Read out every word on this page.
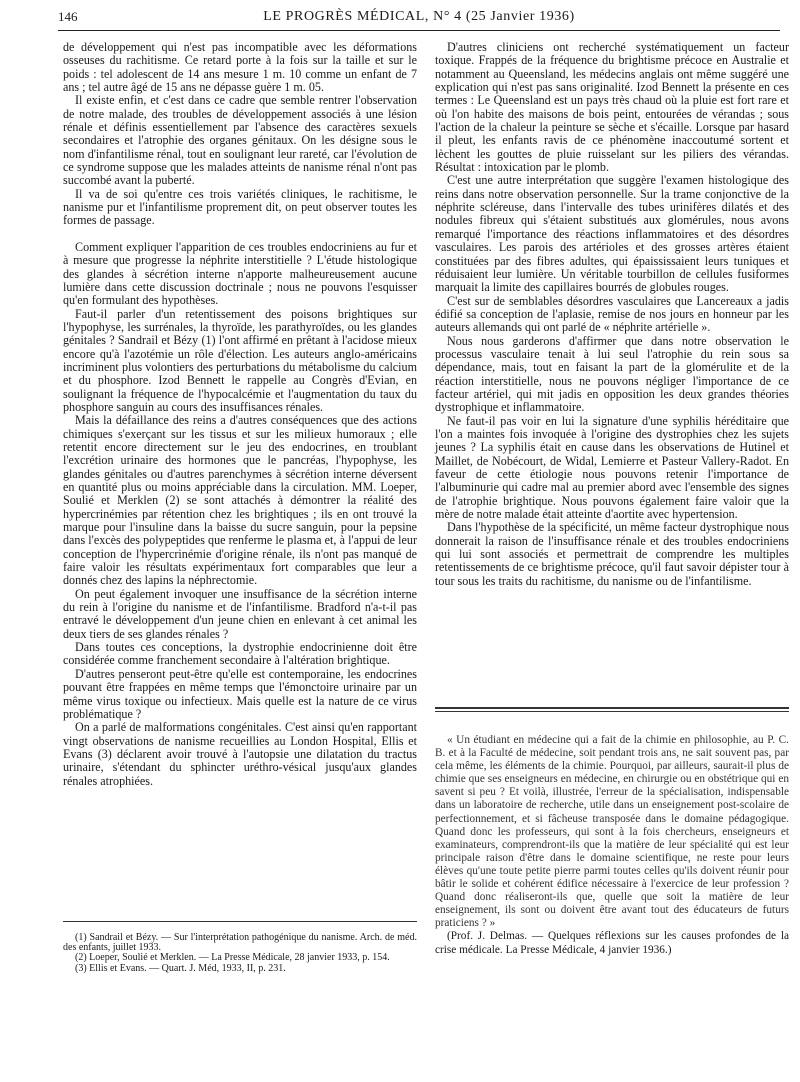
146	LE PROGRÈS MÉDICAL, N° 4 (25 Janvier 1936)

de développement qui n'est pas incompatible avec les déformations osseuses du rachitisme. Ce retard porte à la fois sur la taille et sur le poids : tel adolescent de 14 ans mesure 1 m. 10 comme un enfant de 7 ans ; tel autre âgé de 15 ans ne dépasse guère 1 m. 05.

Il existe enfin, et c'est dans ce cadre que semble rentrer l'observation de notre malade, des troubles de développement associés à une lésion rénale et définis essentiellement par l'absence des caractères sexuels secondaires et l'atrophie des organes génitaux. On les désigne sous le nom d'infantilisme rénal, tout en soulignant leur rareté, car l'évolution de ce syndrome suppose que les malades atteints de nanisme rénal n'ont pas succombé avant la puberté.

Il va de soi qu'entre ces trois variétés cliniques, le rachitisme, le nanisme pur et l'infantilisme proprement dit, on peut observer toutes les formes de passage.

Comment expliquer l'apparition de ces troubles endocriniens au fur et à mesure que progresse la néphrite interstitielle ? L'étude histologique des glandes à sécrétion interne n'apporte malheureusement aucune lumière dans cette discussion doctrinale ; nous ne pouvons l'esquisser qu'en formulant des hypothèses.

Faut-il parler d'un retentissement des poisons brightiques sur l'hypophyse, les surrénales, la thyroïde, les parathyroïdes, ou les glandes génitales ? Sandrail et Bézy (1) l'ont affirmé en prêtant à l'acidose mieux encore qu'à l'azotémie un rôle d'élection. Les auteurs anglo-américains incriminent plus volontiers des perturbations du métabolisme du calcium et du phosphore. Izod Bennett le rappelle au Congrès d'Evian, en soulignant la fréquence de l'hypocalcémie et l'augmentation du taux du phosphore sanguin au cours des insuffisances rénales.

Mais la défaillance des reins a d'autres conséquences que des actions chimiques s'exerçant sur les tissus et sur les milieux humoraux ; elle retentit encore directement sur le jeu des endocrines, en troublant l'excrétion urinaire des hormones que le pancréas, l'hypophyse, les glandes génitales ou d'autres parenchymes à sécrétion interne déversent en quantité plus ou moins appréciable dans la circulation. MM. Loeper, Soulié et Merklen (2) se sont attachés à démontrer la réalité des hypercrinémies par rétention chez les brightiques ; ils en ont trouvé la marque pour l'insuline dans la baisse du sucre sanguin, pour la pepsine dans l'excès des polypeptides que renferme le plasma et, à l'appui de leur conception de l'hypercrinémie d'origine rénale, ils n'ont pas manqué de faire valoir les résultats expérimentaux fort comparables que leur a donnés chez des lapins la néphrectomie.

On peut également invoquer une insuffisance de la sécrétion interne du rein à l'origine du nanisme et de l'infantilisme. Bradford n'a-t-il pas entravé le développement d'un jeune chien en enlevant à cet animal les deux tiers de ses glandes rénales ?

Dans toutes ces conceptions, la dystrophie endocrinienne doit être considérée comme franchement secondaire à l'altération brightique.

D'autres penseront peut-être qu'elle est contemporaine, les endocrines pouvant être frappées en même temps que l'émonctoire urinaire par un même virus toxique ou infectieux. Mais quelle est la nature de ce virus problématique ?

On a parlé de malformations congénitales. C'est ainsi qu'en rapportant vingt observations de nanisme recueillies au London Hospital, Ellis et Evans (3) déclarent avoir trouvé à l'autopsie une dilatation du tractus urinaire, s'étendant du sphincter uréthro-vésical jusqu'aux glandes rénales atrophiées.

(1) Sandrail et Bézy. — Sur l'interprétation pathogénique du nanisme. Arch. de méd. des enfants, juillet 1933.

(2) Loeper, Soulié et Merklen. — La Presse Médicale, 28 janvier 1933, p. 154.

(3) Ellis et Evans. — Quart. J. Méd, 1933, II, p. 231.

D'autres cliniciens ont recherché systématiquement un facteur toxique. Frappés de la fréquence du brightisme précoce en Australie et notamment au Queensland, les médecins anglais ont même suggéré une explication qui n'est pas sans originalité. Izod Bennett la présente en ces termes : Le Queensland est un pays très chaud où la pluie est fort rare et où l'on habite des maisons de bois peint, entourées de vérandas ; sous l'action de la chaleur la peinture se sèche et s'écaille. Lorsque par hasard il pleut, les enfants ravis de ce phénomène inaccoutumé sortent et lèchent les gouttes de pluie ruisselant sur les piliers des vérandas. Résultat : intoxication par le plomb.

C'est une autre interprétation que suggère l'examen histologique des reins dans notre observation personnelle. Sur la trame conjonctive de la néphrite scléreuse, dans l'intervalle des tubes urinifères dilatés et des nodules fibreux qui s'étaient substitués aux glomérules, nous avons remarqué l'importance des réactions inflammatoires et des désordres vasculaires. Les parois des artérioles et des grosses artères étaient constituées par des fibres adultes, qui épaississaient leurs tuniques et réduisaient leur lumière. Un véritable tourbillon de cellules fusiformes marquait la limite des capillaires bourrés de globules rouges.

C'est sur de semblables désordres vasculaires que Lancereaux a jadis édifié sa conception de l'aplasie, remise de nos jours en honneur par les auteurs allemands qui ont parlé de « néphrite artérielle ».

Nous nous garderons d'affirmer que dans notre observation le processus vasculaire tenait à lui seul l'atrophie du rein sous sa dépendance, mais, tout en faisant la part de la glomérulite et de la réaction interstitielle, nous ne pouvons négliger l'importance de ce facteur artériel, qui mit jadis en opposition les deux grandes théories dystrophique et inflammatoire.

Ne faut-il pas voir en lui la signature d'une syphilis héréditaire que l'on a maintes fois invoquée à l'origine des dystrophies chez les sujets jeunes ? La syphilis était en cause dans les observations de Hutinel et Maillet, de Nobécourt, de Widal, Lemierre et Pasteur Vallery-Radot. En faveur de cette étiologie nous pouvons retenir l'importance de l'albuminurie qui cadre mal au premier abord avec l'ensemble des signes de l'atrophie brightique. Nous pouvons également faire valoir que la mère de notre malade était atteinte d'aortite avec hypertension.

Dans l'hypothèse de la spécificité, un même facteur dystrophique nous donnerait la raison de l'insuffisance rénale et des troubles endocriniens qui lui sont associés et permettrait de comprendre les multiples retentissements de ce brightisme précoce, qu'il faut savoir dépister tour à tour sous les traits du rachitisme, du nanisme ou de l'infantilisme.

« Un étudiant en médecine qui a fait de la chimie en philosophie, au P. C. B. et à la Faculté de médecine, soit pendant trois ans, ne sait souvent pas, par cela même, les éléments de la chimie. Pourquoi, par ailleurs, saurait-il plus de chimie que ses enseigneurs en médecine, en chirurgie ou en obstétrique qui en savent si peu ? Et voilà, illustrée, l'erreur de la spécialisation, indispensable dans un laboratoire de recherche, utile dans un enseignement post-scolaire de perfectionnement, et si fâcheuse transposée dans le domaine pédagogique. Quand donc les professeurs, qui sont à la fois chercheurs, enseigneurs et examinateurs, comprendront-ils que la matière de leur spécialité qui est leur principale raison d'être dans le domaine scientifique, ne reste pour leurs élèves qu'une toute petite pierre parmi toutes celles qu'ils doivent réunir pour bâtir le solide et cohérent édifice nécessaire à l'exercice de leur profession ? Quand donc réaliseront-ils que, quelle que soit la matière de leur enseignement, ils sont ou doivent être avant tout des éducateurs de futurs praticiens ? »

(Prof. J. Delmas. — Quelques réflexions sur les causes profondes de la crise médicale. La Presse Médicale, 4 janvier 1936.)
